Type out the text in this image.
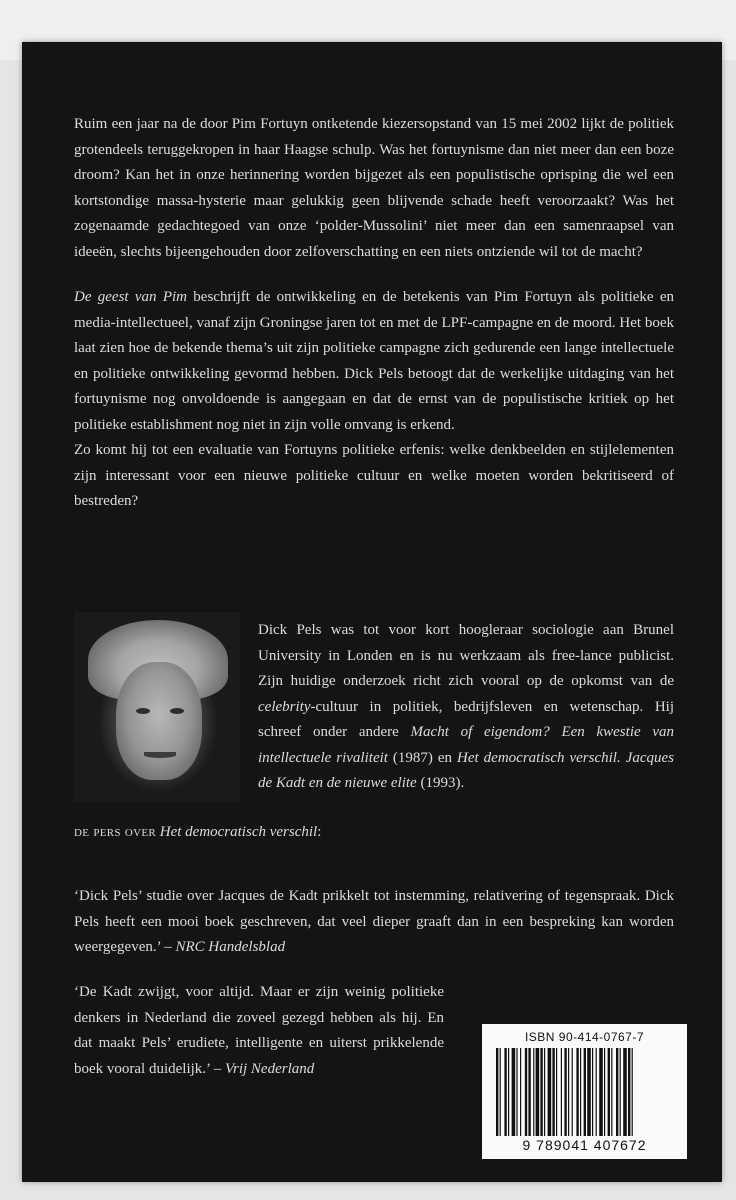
Ruim een jaar na de door Pim Fortuyn ontketende kiezersopstand van 15 mei 2002 lijkt de politiek grotendeels teruggekropen in haar Haagse schulp. Was het fortuynisme dan niet meer dan een boze droom? Kan het in onze herinnering worden bijgezet als een populistische oprisping die wel een kortstondige massa-hysterie maar gelukkig geen blijvende schade heeft veroorzaakt? Was het zogenaamde gedachtegoed van onze ‘polder-Mussolini’ niet meer dan een samenraapsel van ideeën, slechts bijeengehouden door zelfoverschatting en een niets ontziende wil tot de macht?

De geest van Pim beschrijft de ontwikkeling en de betekenis van Pim Fortuyn als politieke en media-intellectueel, vanaf zijn Groningse jaren tot en met de LPF-campagne en de moord. Het boek laat zien hoe de bekende thema’s uit zijn politieke campagne zich gedurende een lange intellectuele en politieke ontwikkeling gevormd hebben. Dick Pels betoogt dat de werkelijke uitdaging van het fortuynisme nog onvoldoende is aangegaan en dat de ernst van de populistische kritiek op het politieke establishment nog niet in zijn volle omvang is erkend.

Zo komt hij tot een evaluatie van Fortuyns politieke erfenis: welke denkbeelden en stijlelementen zijn interessant voor een nieuwe politieke cultuur en welke moeten worden bekritiseerd of bestreden?

Dick Pels was tot voor kort hoogleraar sociologie aan Brunel University in Londen en is nu werkzaam als free-lance publicist. Zijn huidige onderzoek richt zich vooral op de opkomst van de celebrity-cultuur in politiek, bedrijfsleven en wetenschap. Hij schreef onder andere Macht of eigendom? Een kwestie van intellectuele rivaliteit (1987) en Het democratisch verschil. Jacques de Kadt en de nieuwe elite (1993).

de pers over Het democratisch verschil:

‘Dick Pels’ studie over Jacques de Kadt prikkelt tot instemming, relativering of tegenspraak. Dick Pels heeft een mooi boek geschreven, dat veel dieper graaft dan in een bespreking kan worden weergegeven.’ – NRC Handelsblad

‘De Kadt zwijgt, voor altijd. Maar er zijn weinig politieke denkers in Nederland die zoveel gezegd hebben als hij. En dat maakt Pels’ erudiete, intelligente en uiterst prikkelende boek vooral duidelijk.’ – Vrij Nederland

ISBN 90-414-0767-7
9 789041 407672
